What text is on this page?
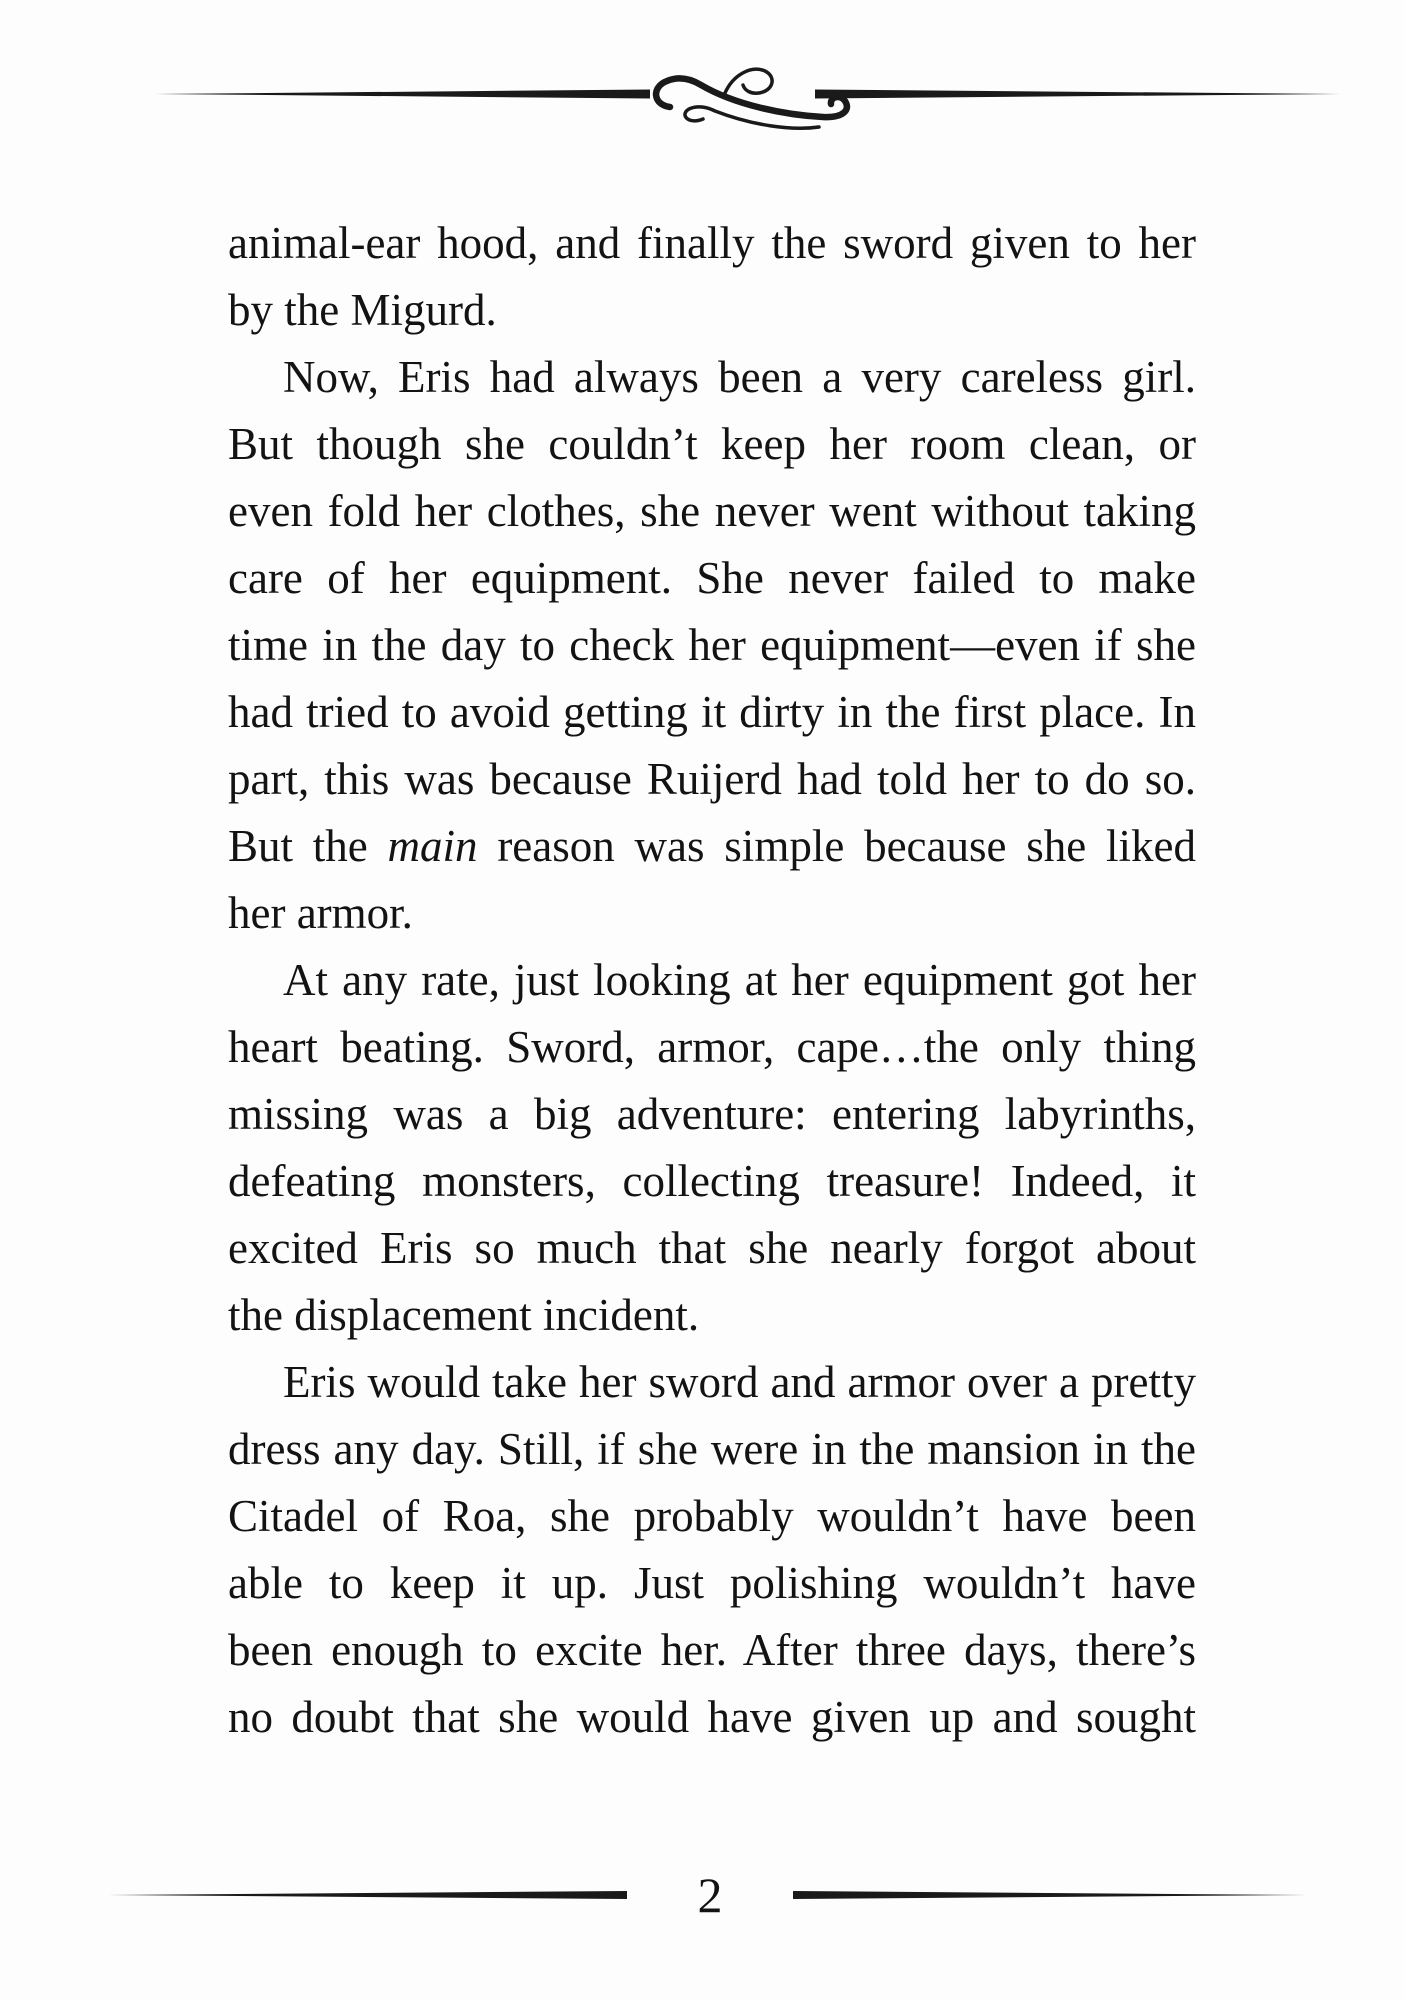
animal-ear hood, and finally the sword given to her
by the Migurd.
Now, Eris had always been a very careless girl.
But though she couldn’t keep her room clean, or
even fold her clothes, she never went without taking
care of her equipment. She never failed to make
time in the day to check her equipment—even if she
had tried to avoid getting it dirty in the first place. In
part, this was because Ruijerd had told her to do so.
But the main reason was simple because she liked
her armor.
At any rate, just looking at her equipment got her
heart beating. Sword, armor, cape…the only thing
missing was a big adventure: entering labyrinths,
defeating monsters, collecting treasure! Indeed, it
excited Eris so much that she nearly forgot about
the displacement incident.
Eris would take her sword and armor over a pretty
dress any day. Still, if she were in the mansion in the
Citadel of Roa, she probably wouldn’t have been
able to keep it up. Just polishing wouldn’t have
been enough to excite her. After three days, there’s
no doubt that she would have given up and sought
2
